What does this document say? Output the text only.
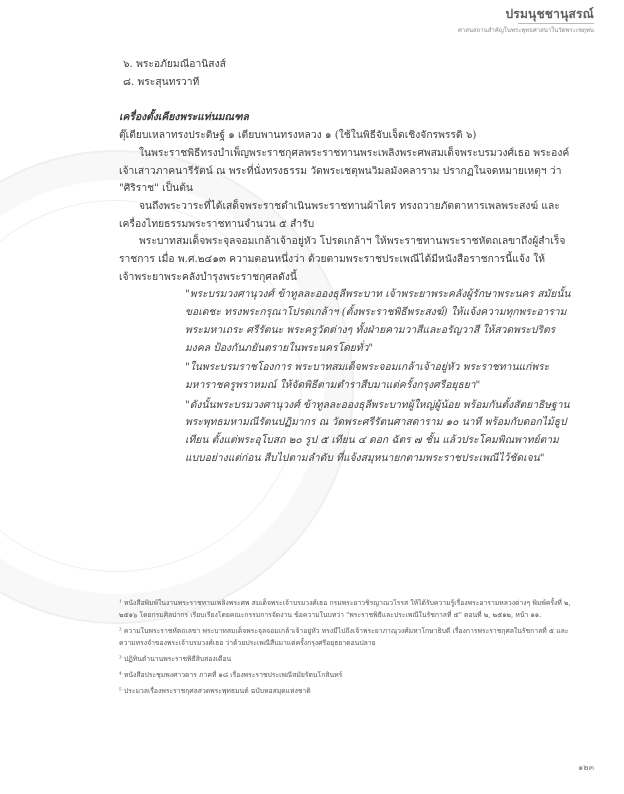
ปรมนุชชานุสรณ์
ศาสนสถานสำคัญในพระพุทธศาสนาในวัดพระเชตุพน
๖. พระอภัยมณีอานิสงส์
๘. พระสุนทรวาที
เครื่องตั้งเคียงพระแท่นมณฑล

ตุ๊เตียบเหลาทรงประดิษฐ์ ๑ เตียบพานทรงหลวง ๑ (ใช้ในพิธีจับเจ็ดเชิงจักรพรรดิ ๖)

ในพระราชพิธีทรงบำเพ็ญพระราชกุศลพระราชทานพระเพลิงพระศพสมเด็จพระบรมวงศ์เธอ พระองค์เจ้าเสาวภาคนารีรัตน์ ณ พระที่นั่งทรงธรรม วัดพระเชตุพนวิมลมังคลาราม ปรากฏในจดหมายเหตุฯ ว่า "ศิริราช" เป็นต้น

จนถึงพระวาระที่ได้เสด็จพระราชดำเนินพระราชทานผ้าไตร ทรงถวายภัตตาหารเพลพระสงฆ์ และเครื่องไทยธรรมพระราชทานจำนวน ๕ สำรับ

พระบาทสมเด็จพระจุลจอมเกล้าเจ้าอยู่หัว โปรดเกล้าฯ ให้พระราชทานพระราชหัตถเลขาถึงผู้สำเร็จราชการ เมื่อ พ.ศ.๒๔๑๓ ความตอนหนึ่งว่า ด้วยตามพระราชประเพณีได้มีหนังสือราชการนี้แจ้ง ให้เจ้าพระยาพระคลังบำรุงพระราชกุศลดังนี้

"พระบรมวงศานุวงศ์ ข้าทูลละอองธุลีพระบาท เจ้าพระยาพระคลังผู้รักษาพระนคร สมัยนั้นขอเดชะ ทรงพระกรุณาโปรดเกล้าฯ (ตั้งพระราชพิธีพระสงฆ์) ให้แจ้งความทุกพระอาราม พระมหาเถระ ศรีรัตนะ พระครูวัดต่างๆ ทั้งฝ่ายคามวาสีและอรัญวาสี ให้สวดพระปริตรมงคล ป้องกันภยันตรายในพระนครโดยทั่ว"
"ในพระบรมราชโองการ พระบาทสมเด็จพระจอมเกล้าเจ้าอยู่หัว พระราชทานแก่พระมหาราชครูพราหมณ์ ให้จัดพิธีตามตำราสืบมาแต่ครั้งกรุงศรีอยุธยา"
"ดังนั้นพระบรมวงศานุวงศ์ ข้าทูลละอองธุลีพระบาทผู้ใหญ่ผู้น้อย พร้อมกันตั้งสัตยาธิษฐาน พระพุทธมหามณีรัตนปฏิมากร ณ วัดพระศรีรัตนศาสดาราม ๑๐ นาที พร้อมกับดอกไม้ธูปเทียน ตั้งแต่พระอุโบสถ ๒๐ รูป ๕ เทียน ๔ ดอก ฉัตร ๗ ชั้น แล้วประโคมพิณพาทย์ตามแบบอย่างแต่ก่อน สืบไปตามลำดับ ที่แจ้งสมุหนายกตามพระราชประเพณีไว้ชัดเจน"

¹ หนังสือพิมพ์ในงานพระราชทานเพลิงพระศพ สมเด็จพระเจ้าบรมวงศ์เธอ กรมพระยาวชิรญาณวโรรส ให้ได้รับความรู้เรื่องพระอารามหลวงต่างๆ พิมพ์ครั้งที่ ๒, ๒๕๑๖ โดยกรมศิลปากร เรียบเรียงโดยคณะกรรมการจัดงาน ข้อความในบทว่า "พระราชพิธีและประเพณีในรัชกาลที่ ๕" ตอนที่ ๒, ๒๕๑๒, หน้า ๑๑.

² ความในพระราชหัตถเลขา พระบาทสมเด็จพระจุลจอมเกล้าเจ้าอยู่หัว ทรงมีไปถึงเจ้าพระยาภาณุวงศ์มหาโกษาธิบดี เรื่องการพระราชกุศลในรัชกาลที่ ๕ และความทรงจำของพระเจ้าบรมวงศ์เธอ ว่าด้วยประเพณีสืบมาแต่ครั้งกรุงศรีอยุธยาตอนปลาย

³ ปฏิทินตำนานพระราชพิธีสิบสองเดือน

⁴ หนังสือประชุมพงศาวดาร ภาคที่ ๑๘ เรื่องพระราชประเพณีสมัยรัตนโกสินทร์

⁵ ประมวลเรื่องพระราชกุศลสวดพระพุทธมนต์ ฉบับหอสมุดแห่งชาติ

๑๒๓
